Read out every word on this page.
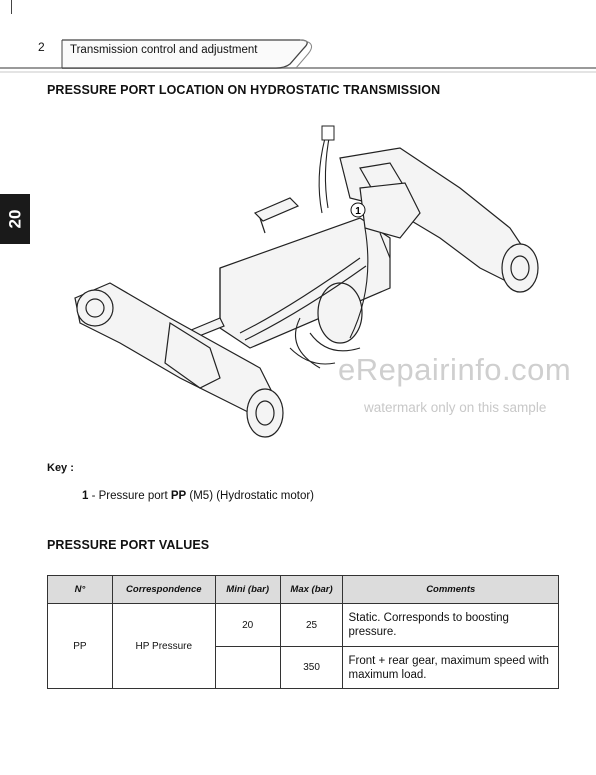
2 Transmission control and adjustment
20
PRESSURE PORT LOCATION ON HYDROSTATIC TRANSMISSION
1
eRepairinfo.com
watermark only on this sample
Key :
1 - Pressure port PP (M5) (Hydrostatic motor)
PRESSURE PORT VALUES
N°	Correspondence	Mini (bar)	Max (bar)	Comments
PP	HP Pressure	20	25	Static. Corresponds to boosting pressure.
			350	Front + rear gear, maximum speed with maximum load.
